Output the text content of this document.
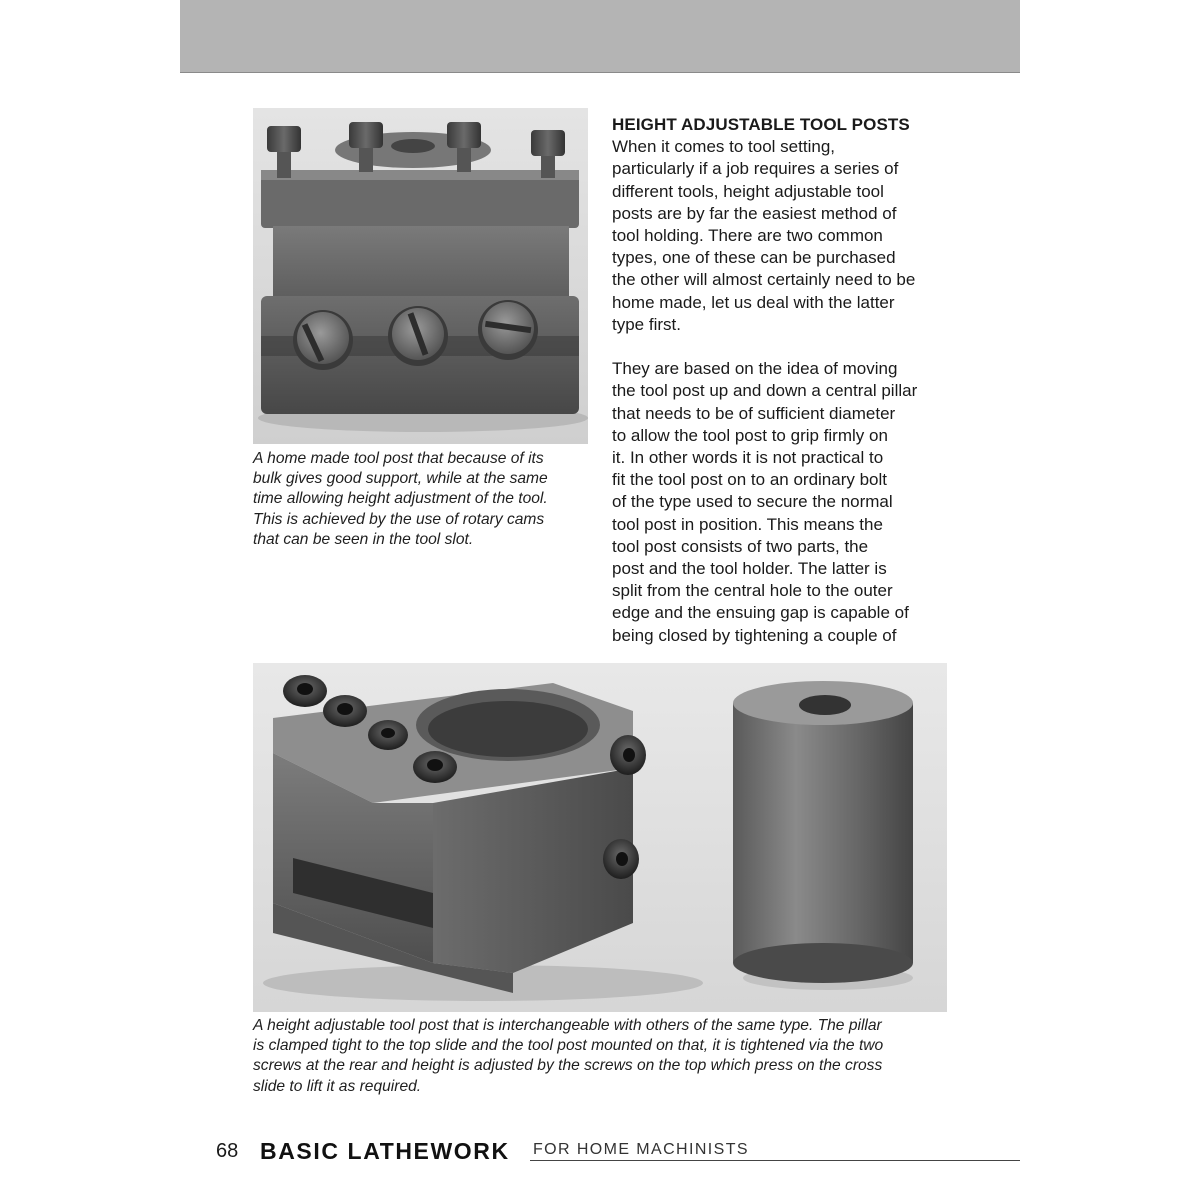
A home made tool post that because of its
bulk gives good support, while at the same
time allowing height adjustment of the tool.
This is achieved by the use of rotary cams
that can be seen in the tool slot.

HEIGHT ADJUSTABLE TOOL POSTS

When it comes to tool setting,
particularly if a job requires a series of
different tools, height adjustable tool
posts are by far the easiest method of
tool holding. There are two common
types, one of these can be purchased
the other will almost certainly need to be
home made, let us deal with the latter
type first.

They are based on the idea of moving
the tool post up and down a central pillar
that needs to be of sufficient diameter
to allow the tool post to grip firmly on
it. In other words it is not practical to
fit the tool post on to an ordinary bolt
of the type used to secure the normal
tool post in position. This means the
tool post consists of two parts, the
post and the tool holder. The latter is
split from the central hole to the outer
edge and the ensuing gap is capable of
being closed by tightening a couple of

A height adjustable tool post that is interchangeable with others of the same type. The pillar
is clamped tight to the top slide and the tool post mounted on that, it is tightened via the two
screws at the rear and height is adjusted by the screws on the top which press on the cross
slide to lift it as required.

68 BASIC LATHEWORK FOR HOME MACHINISTS
